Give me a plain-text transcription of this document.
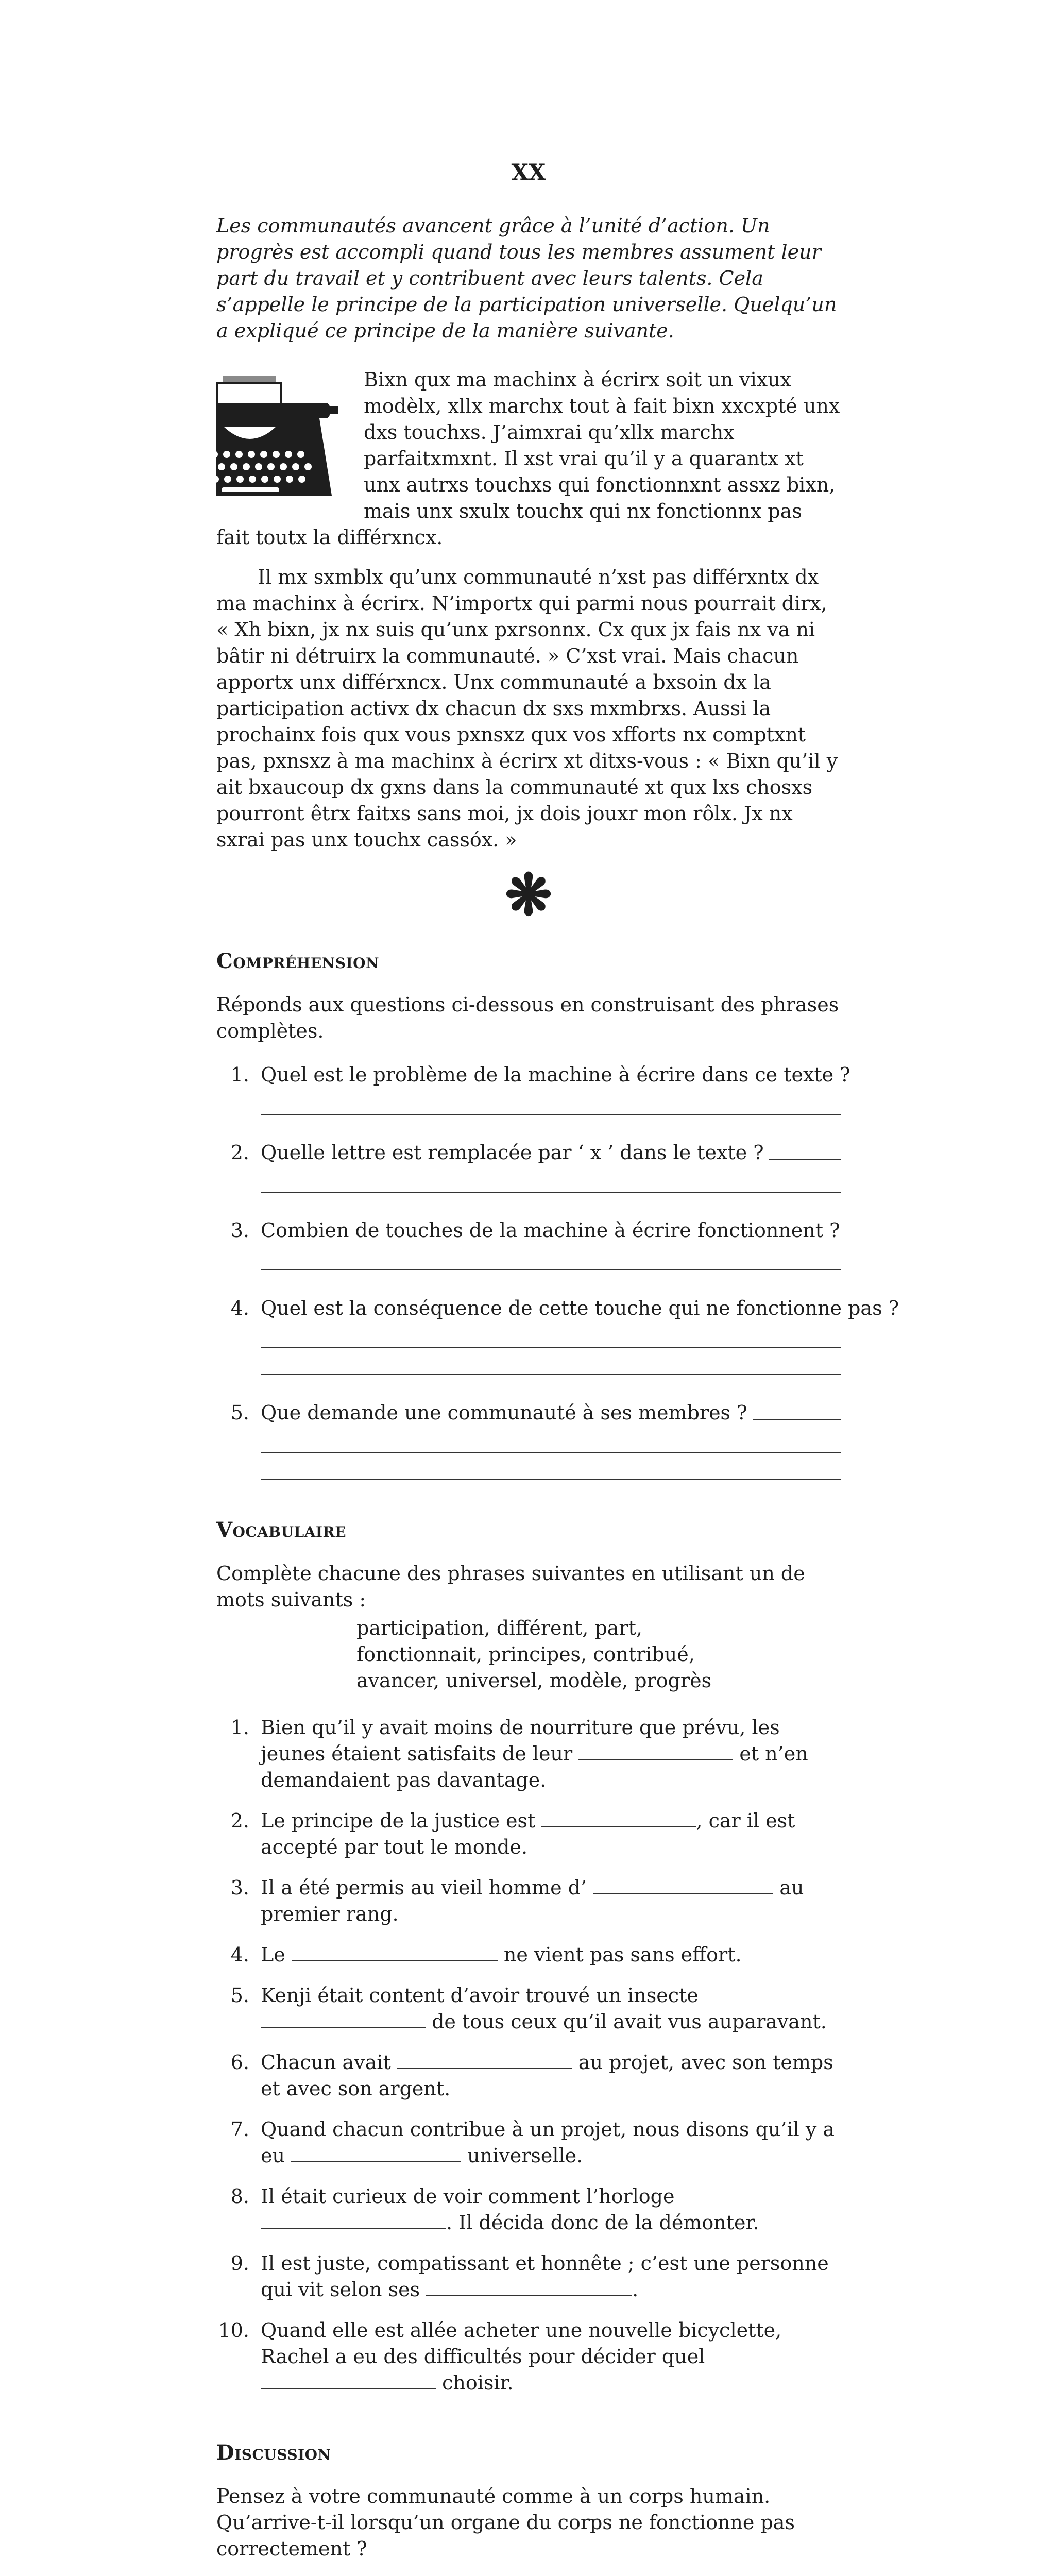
XX

Les communautés avancent grâce à l’unité d’action. Un progrès est accompli quand tous les membres assument leur part du travail et y contribuent avec leurs talents. Cela s’appelle le principe de la participation universelle. Quelqu’un a expliqué ce principe de la manière suivante.

Bixn qux ma machinx à écrirx soit un vixux modèlx, xllx marchx tout à fait bixn xxcxpté unx dxs touchxs. J’aimxrai qu’xllx marchx parfaitxmxnt. Il xst vrai qu’il y a quarantx xt unx autrxs touchxs qui fonctionnxnt assxz bixn, mais unx sxulx touchx qui nx fonctionnx pas fait toutx la différxncx.

Il mx sxmblx qu’unx communauté n’xst pas différxntx dx ma machinx à écrirx. N’importx qui parmi nous pourrait dirx, « Xh bixn, jx nx suis qu’unx pxrsonnx. Cx qux jx fais nx va ni bâtir ni détruirx la communauté. » C’xst vrai. Mais chacun apportx unx différxncx. Unx communauté a bxsoin dx la participation activx dx chacun dx sxs mxmbrxs. Aussi la prochainx fois qux vous pxnsxz qux vos xfforts nx comptxnt pas, pxnsxz à ma machinx à écrirx xt ditxs-vous : « Bixn qu’il y ait bxaucoup dx gxns dans la communauté xt qux lxs chosxs pourront êtrx faitxs sans moi, jx dois jouxr mon rôlx. Jx nx sxrai pas unx touchx cassóx. »

❋
Compréhension

Réponds aux questions ci-dessous en construisant des phrases complètes.

1. Quel est le problème de la machine à écrire dans ce texte ?
2. Quelle lettre est remplacée par ‘ x ’ dans le texte ?
3. Combien de touches de la machine à écrire fonctionnent ?
4. Quel est la conséquence de cette touche qui ne fonctionne pas ?
5. Que demande une communauté à ses membres ?
Vocabulaire

Complète chacune des phrases suivantes en utilisant un de mots suivants :

participation, différent, part,
fonctionnait, principes, contribué,
avancer, universel, modèle, progrès
1. Bien qu’il y avait moins de nourriture que prévu, les jeunes étaient satisfaits de leur	et n’en demandaient pas davantage.
2. Le principe de la justice est	, car il est accepté par tout le monde.
3. Il a été permis au vieil homme d’	au premier rang.
4. Le	ne vient pas sans effort.
5. Kenji était content d’avoir trouvé un insecte  de tous ceux qu’il avait vus auparavant.
6. Chacun avait	au projet, avec son temps et avec son argent.
7. Quand chacun contribue à un projet, nous disons qu’il y a eu	universelle.
8. Il était curieux de voir comment l’horloge . Il décida donc de la démonter.
9. Il est juste, compatissant et honnête ; c’est une personne qui vit selon ses	.
10. Quand elle est allée acheter une nouvelle bicyclette, Rachel a eu des difficultés pour décider quel  choisir.
Discussion

Pensez à votre communauté comme à un corps humain. Qu’arrive-t-il lorsqu’un organe du corps ne fonctionne pas correctement ?
